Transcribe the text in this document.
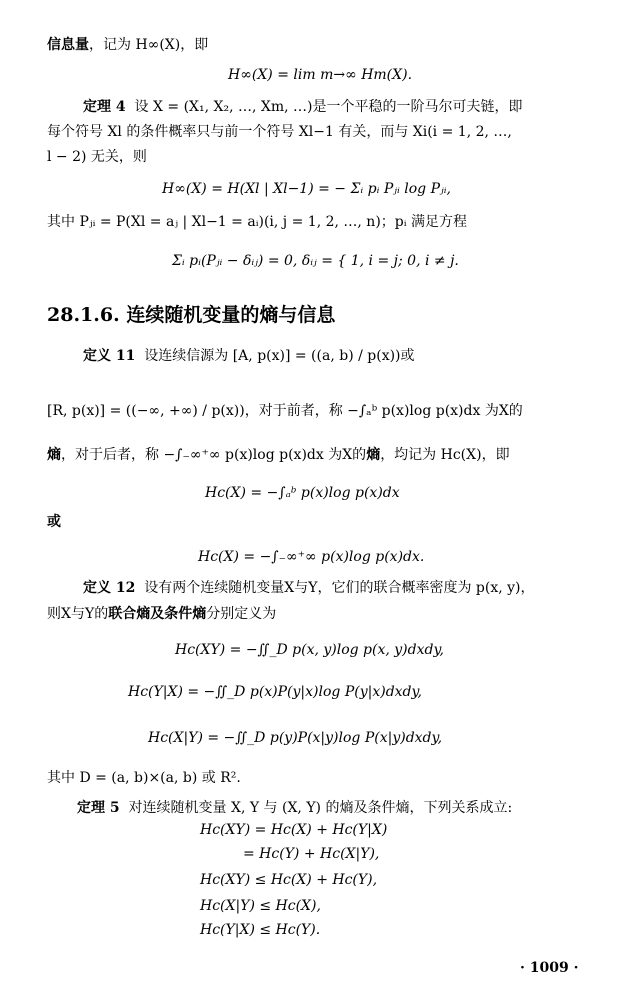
信息量，记为 H∞(X)，即
H∞(X) = lim m→∞ Hm(X).
定理 4 设 X = (X₁, X₂, …, Xm, …)是一个平稳的一阶马尔可夫链，即
每个符号 Xl 的条件概率只与前一个符号 Xl−1 有关，而与 Xi(i = 1, 2, …,
l − 2) 无关，则
H∞(X) = H(Xl | Xl−1) = − Σᵢ pᵢ Pⱼᵢ log Pⱼᵢ,
其中 Pⱼᵢ = P(Xl = aⱼ | Xl−1 = aᵢ)(i, j = 1, 2, …, n)；pᵢ 满足方程
Σᵢ pᵢ(Pⱼᵢ − δᵢⱼ) = 0, δᵢⱼ = { 1, i = j; 0, i ≠ j.
28.1.6. 连续随机变量的熵与信息
定义 11 设连续信源为 [A, p(x)] = ((a, b) / p(x))或
[R, p(x)] = ((−∞, +∞) / p(x))，对于前者，称 −∫ₐᵇ p(x)log p(x)dx 为X的
熵，对于后者，称 −∫₋∞⁺∞ p(x)log p(x)dx 为X的熵，均记为 Hc(X)，即
Hc(X) = −∫ₐᵇ p(x)log p(x)dx
或
Hc(X) = −∫₋∞⁺∞ p(x)log p(x)dx.
定义 12 设有两个连续随机变量X与Y，它们的联合概率密度为 p(x, y)，
则X与Y的联合熵及条件熵分别定义为
Hc(XY) = −∬_D p(x, y)log p(x, y)dxdy,
Hc(Y|X) = −∬_D p(x)P(y|x)log P(y|x)dxdy,
Hc(X|Y) = −∬_D p(y)P(x|y)log P(x|y)dxdy,
其中 D = (a, b)×(a, b) 或 R².
定理 5 对连续随机变量 X, Y 与 (X, Y) 的熵及条件熵，下列关系成立:
Hc(XY) = Hc(X) + Hc(Y|X)
= Hc(Y) + Hc(X|Y),
Hc(XY) ≤ Hc(X) + Hc(Y),
Hc(X|Y) ≤ Hc(X),
Hc(Y|X) ≤ Hc(Y).
· 1009 ·
